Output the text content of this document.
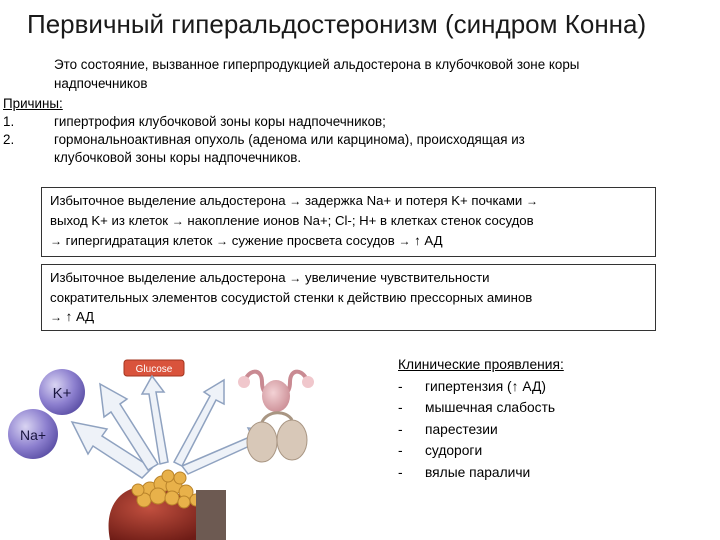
Первичный гиперальдостеронизм (синдром Конна)
Это состояние, вызванное гиперпродукцией альдостерона в клубочковой зоне коры
надпочечников
Причины:
1.	гипертрофия клубочковой зоны коры надпочечников;
2.	гормональноактивная опухоль (аденома или карцинома), происходящая из
клубочковой зоны коры надпочечников.
Избыточное выделение альдостерона → задержка Na+ и потеря K+ почками →
выход K+ из клеток → накопление ионов Na+; Cl-; H+ в клетках стенок сосудов
→ гипергидратация клеток → сужение просвета сосудов → ↑ АД
Избыточное выделение альдостерона → увеличение чувствительности
сократительных элементов сосудистой стенки к действию прессорных аминов
→ ↑ АД
Glucose
K+
Na+
Клинические проявления:
- гипертензия (↑ АД)
- мышечная слабость
- парестезии
- судороги
- вялые параличи
